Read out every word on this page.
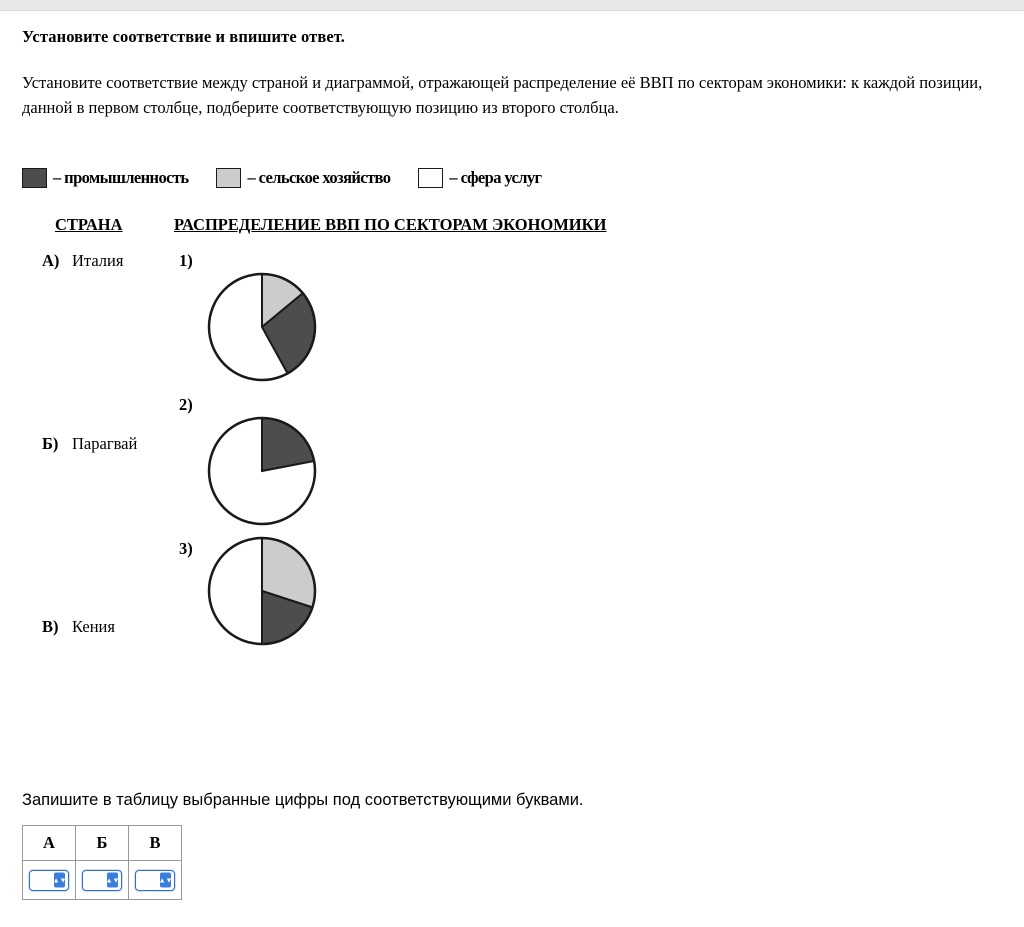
Установите соответствие и впишите ответ.
Установите соответствие между страной и диаграммой, отражающей распределение её ВВП по секторам экономики: к каждой позиции, данной в первом столбце, подберите соответствующую позицию из второго столбца.
– промышленность	– сельское хозяйство	– сфера услуг
СТРАНА	РАСПРЕДЕЛЕНИЕ ВВП ПО СЕКТОРАМ ЭКОНОМИКИ
А) Италия
Б) Парагвай
В) Кения
1)
2)
3)
Запишите в таблицу выбранные цифры под соответствующими буквами.
А	Б	В

▲▼	▲▼	▲▼
